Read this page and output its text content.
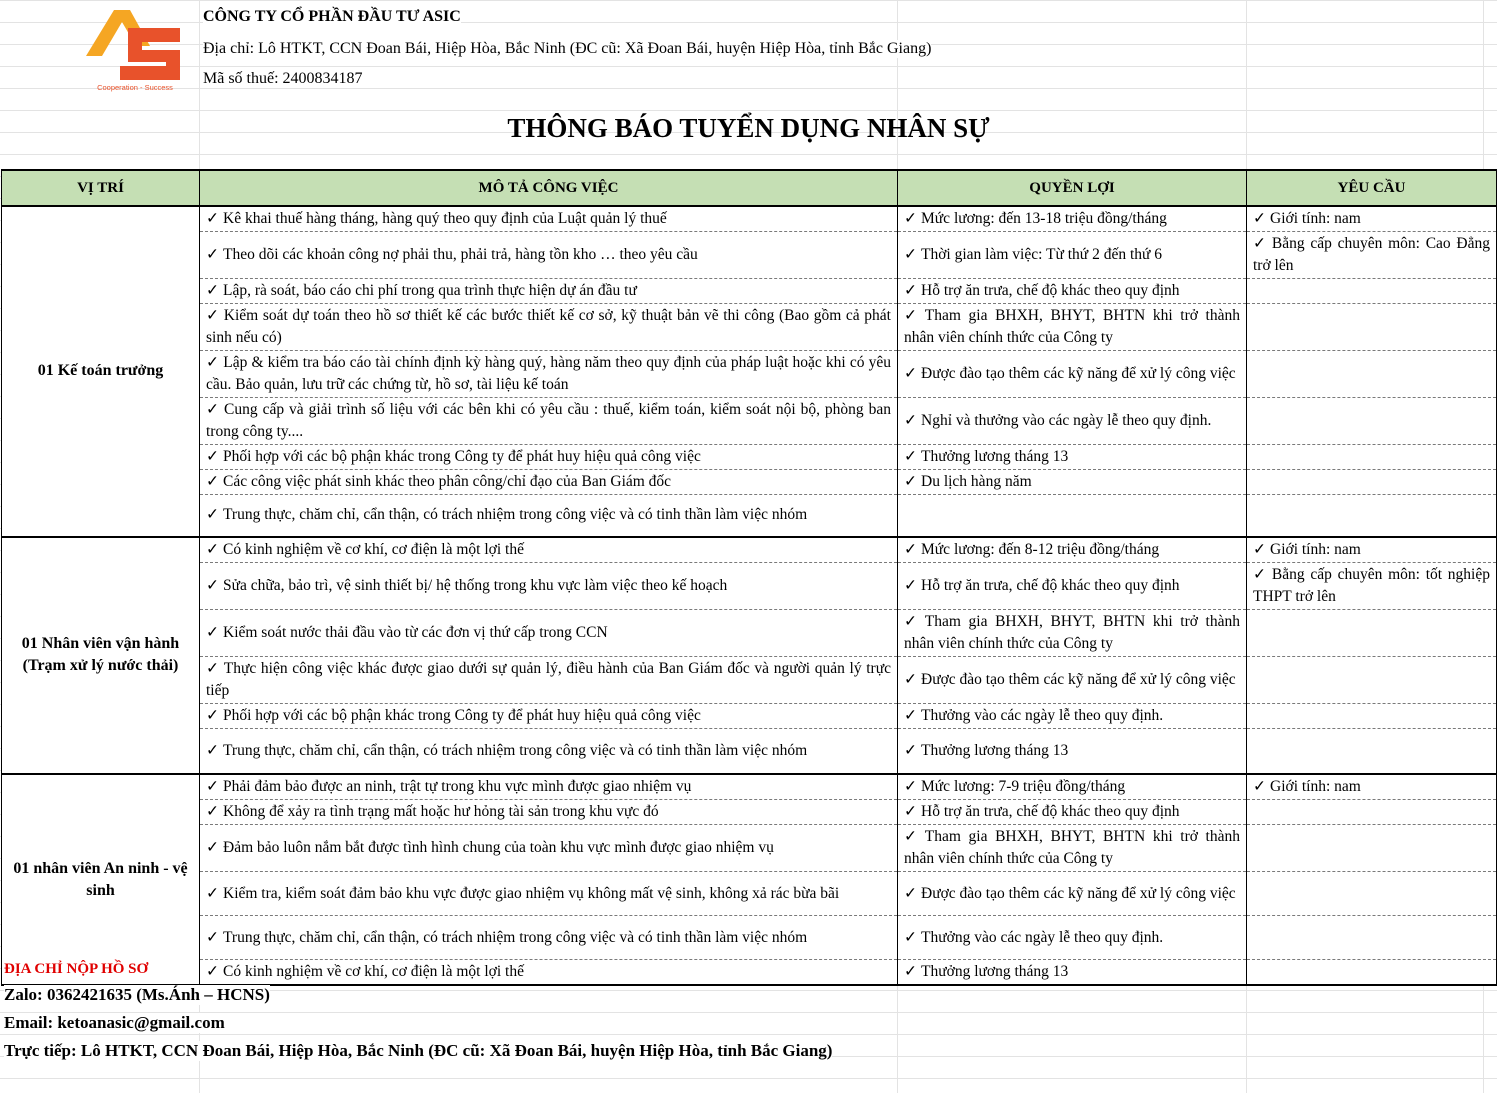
Cooperation - Success
CÔNG TY CỔ PHẦN ĐẦU TƯ ASIC
Địa chỉ: Lô HTKT, CCN Đoan Bái, Hiệp Hòa, Bắc Ninh (ĐC cũ: Xã Đoan Bái, huyện Hiệp Hòa, tỉnh Bắc Giang)
Mã số thuế: 2400834187
THÔNG BÁO TUYỂN DỤNG NHÂN SỰ
VỊ TRÍ	MÔ TẢ CÔNG VIỆC	QUYỀN LỢI	YÊU CẦU
01 Kế toán trưởng	✓ Kê khai thuế hàng tháng, hàng quý theo quy định của Luật quản lý thuế	✓ Mức lương: đến 13-18 triệu đồng/tháng	✓ Giới tính: nam
	✓ Theo dõi các khoản công nợ phải thu, phải trả, hàng tồn kho … theo yêu cầu	✓ Thời gian làm việc: Từ thứ 2 đến thứ 6	✓ Bằng cấp chuyên môn: Cao Đẳng trở lên
	✓ Lập, rà soát, báo cáo chi phí trong qua trình thực hiện dự án đầu tư	✓ Hỗ trợ ăn trưa, chế độ khác theo quy định	
	✓ Kiểm soát dự toán theo hồ sơ thiết kế các bước thiết kế cơ sở, kỹ thuật bản vẽ thi công (Bao gồm cả phát sinh nếu có)	✓ Tham gia BHXH, BHYT, BHTN khi trở thành nhân viên chính thức của Công ty	
	✓ Lập & kiểm tra báo cáo tài chính định kỳ hàng quý, hàng năm theo quy định của pháp luật hoặc khi có yêu cầu. Bảo quản, lưu trữ các chứng từ, hồ sơ, tài liệu kế toán	✓ Được đào tạo thêm các kỹ năng để xử lý công việc	
	✓ Cung cấp và giải trình số liệu với các bên khi có yêu cầu : thuế, kiểm toán, kiểm soát nội bộ, phòng ban trong công ty....	✓ Nghỉ và thưởng vào các ngày lễ theo quy định.	
	✓ Phối hợp với các bộ phận khác trong Công ty để phát huy hiệu quả công việc	✓ Thưởng lương tháng 13	
	✓ Các công việc phát sinh khác theo phân công/chỉ đạo của Ban Giám đốc	✓ Du lịch hàng năm	
	✓ Trung thực, chăm chỉ, cẩn thận, có trách nhiệm trong công việc và có tinh thần làm việc nhóm		
01 Nhân viên vận hành (Trạm xử lý nước thải)	✓ Có kinh nghiệm về cơ khí, cơ điện là một lợi thế	✓ Mức lương: đến 8-12 triệu đồng/tháng	✓ Giới tính: nam
	✓ Sửa chữa, bảo trì, vệ sinh thiết bị/ hệ thống trong khu vực làm việc theo kế hoạch	✓ Hỗ trợ ăn trưa, chế độ khác theo quy định	✓ Bằng cấp chuyên môn: tốt nghiệp THPT trở lên
	✓ Kiểm soát nước thải đầu vào từ các đơn vị thứ cấp trong CCN	✓ Tham gia BHXH, BHYT, BHTN khi trở thành nhân viên chính thức của Công ty	
	✓ Thực hiện công việc khác được giao dưới sự quản lý, điều hành của Ban Giám đốc và người quản lý trực tiếp	✓ Được đào tạo thêm các kỹ năng để xử lý công việc	
	✓ Phối hợp với các bộ phận khác trong Công ty để phát huy hiệu quả công việc	✓ Thưởng vào các ngày lễ theo quy định.	
	✓ Trung thực, chăm chỉ, cẩn thận, có trách nhiệm trong công việc và có tinh thần làm việc nhóm	✓ Thưởng lương tháng 13	
01 nhân viên An ninh - vệ sinh	✓ Phải đảm bảo được an ninh, trật tự trong khu vực mình được giao nhiệm vụ	✓ Mức lương: 7-9 triệu đồng/tháng	✓ Giới tính: nam
	✓ Không để xảy ra tình trạng mất hoặc hư hỏng tài sản trong khu vực đó	✓ Hỗ trợ ăn trưa, chế độ khác theo quy định	
	✓ Đảm bảo luôn nắm bắt được tình hình chung của toàn khu vực mình được giao nhiệm vụ	✓ Tham gia BHXH, BHYT, BHTN khi trở thành nhân viên chính thức của Công ty	
	✓ Kiểm tra, kiểm soát đảm bảo khu vực được giao nhiệm vụ không mất vệ sinh, không xả rác bừa bãi	✓ Được đào tạo thêm các kỹ năng để xử lý công việc	
	✓ Trung thực, chăm chỉ, cẩn thận, có trách nhiệm trong công việc và có tinh thần làm việc nhóm	✓ Thưởng vào các ngày lễ theo quy định.	
	✓ Có kinh nghiệm về cơ khí, cơ điện là một lợi thế	✓ Thưởng lương tháng 13	
ĐỊA CHỈ NỘP HỒ SƠ
Zalo: 0362421635 (Ms.Ánh – HCNS)
Email: ketoanasic@gmail.com
Trực tiếp: Lô HTKT, CCN Đoan Bái, Hiệp Hòa, Bắc Ninh (ĐC cũ: Xã Đoan Bái, huyện Hiệp Hòa, tỉnh Bắc Giang)
